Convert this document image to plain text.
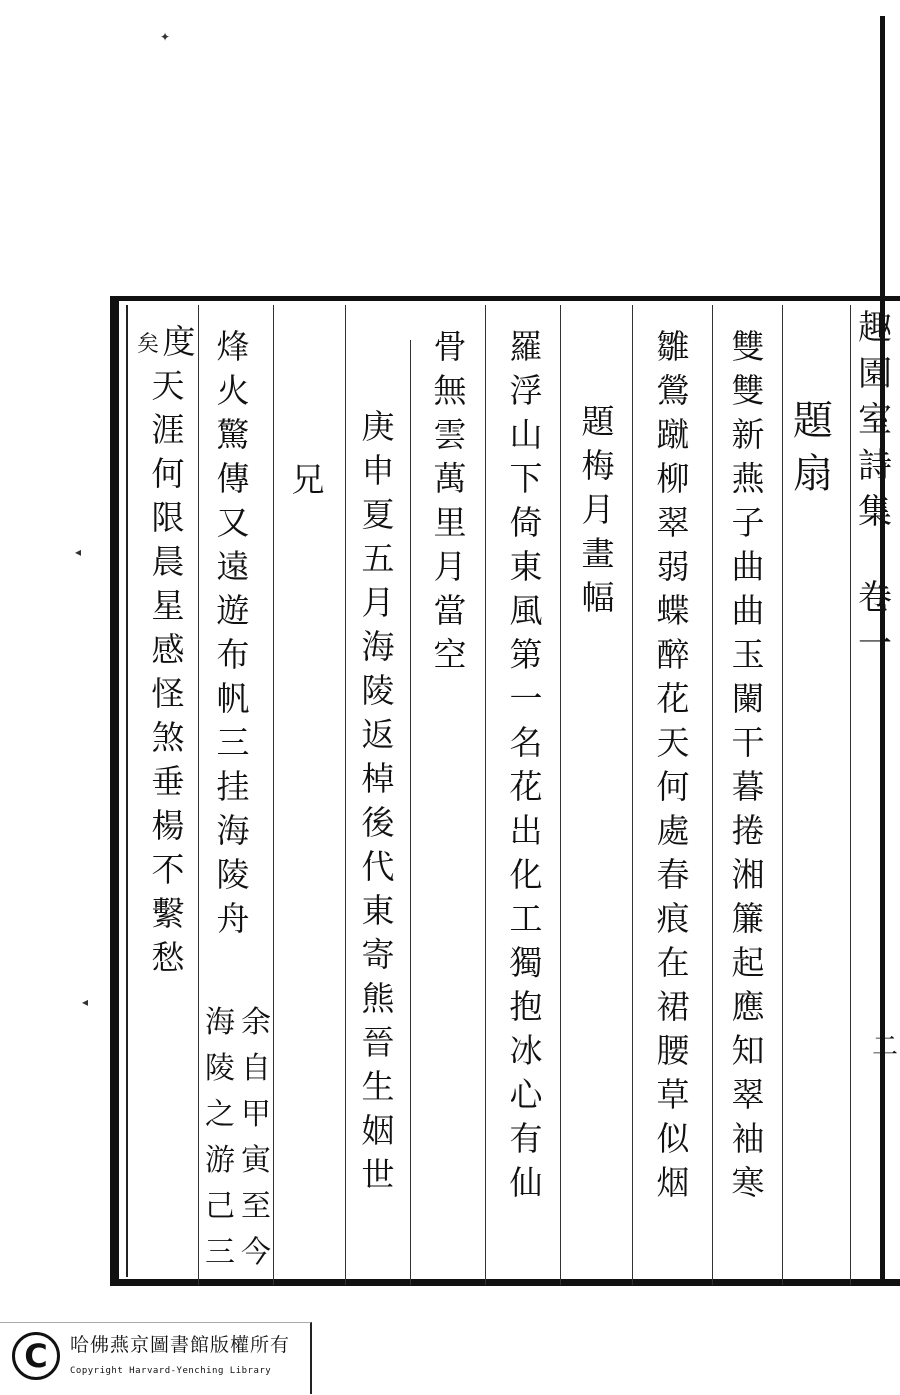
趣
園
室
詩
集
卷
一
二
題
扇
雙
雙
新
燕
子
曲
曲
玉
闌
干
暮
捲
湘
簾
起
應
知
翠
袖
寒
雛
鶯
蹴
柳
翠
弱
蝶
醉
花
天
何
處
春
痕
在
裙
腰
草
似
烟
題
梅
月
畫
幅
羅
浮
山
下
倚
東
風
第
一
名
花
出
化
工
獨
抱
冰
心
有
仙
骨
無
雲
萬
里
月
當
空
庚
申
夏
五
月
海
陵
返
棹
後
代
東
寄
熊
晉
生
姻
世
兄
烽
火
驚
傳
又
遠
遊
布
帆
三
挂
海
陵
舟
余
自
甲
寅
至
今
海
陵
之
游
己
三
度
天
涯
何
限
晨
星
感
怪
煞
垂
楊
不
繫
愁
矣
✦
◂
◂
C	哈佛燕京圖書館版權所有
Copyright Harvard-Yenching Library
